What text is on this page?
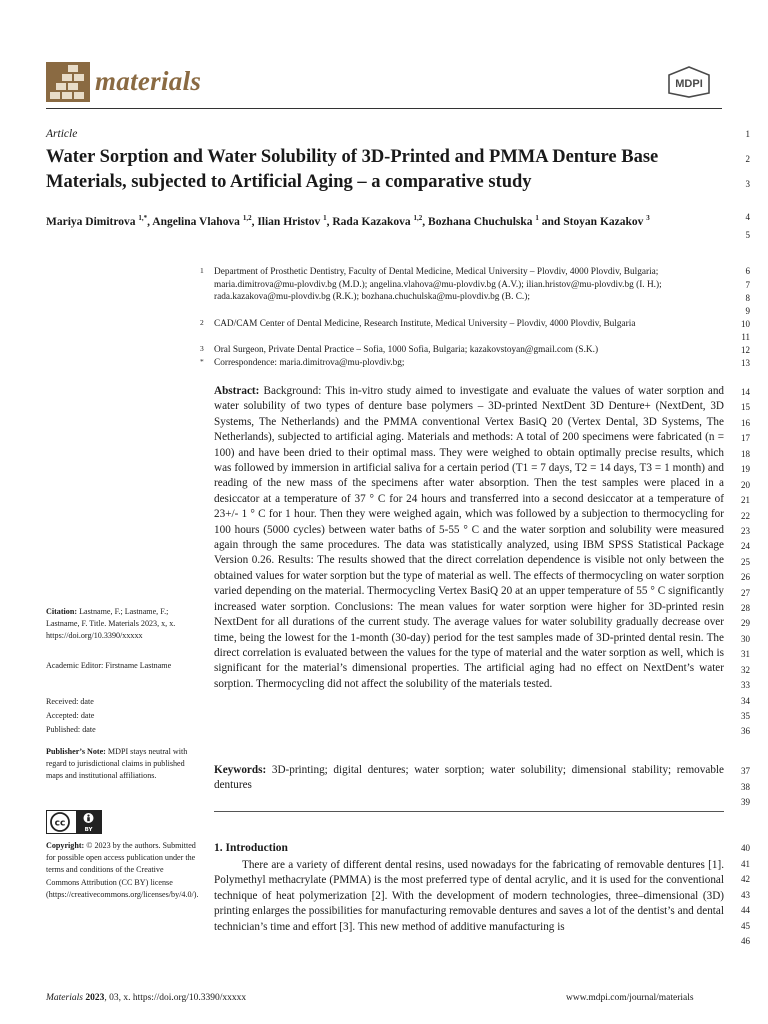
materials	MDPI
Article
Water Sorption and Water Solubility of 3D-Printed and PMMA Denture Base Materials, subjected to Artificial Aging – a comparative study
Mariya Dimitrova $^{1,*}$, Angelina Vlahova $^{1,2}$, Ilian Hristov $^1$, Rada Kazakova $^{1,2}$, Bozhana Chuchulska $^1$ and Stoyan Kazakov $^3$
1 Department of Prosthetic Dentistry, Faculty of Dental Medicine, Medical University – Plovdiv, 4000 Plovdiv, Bulgaria; maria.dimitrova@mu-plovdiv.bg (M.D.); angelina.vlahova@mu-plovdiv.bg (A.V.); ilian.hristov@mu-plovdiv.bg (I. H.); rada.kazakova@mu-plovdiv.bg (R.K.); bozhana.chuchulska@mu-plovdiv.bg (B. C.);
2 CAD/CAM Center of Dental Medicine, Research Institute, Medical University – Plovdiv, 4000 Plovdiv, Bulgaria
3 Oral Surgeon, Private Dental Practice – Sofia, 1000 Sofia, Bulgaria; kazakovstoyan@gmail.com (S.K.)
* Correspondence: maria.dimitrova@mu-plovdiv.bg;
Abstract: Background: This in-vitro study aimed to investigate and evaluate the values of water sorption and water solubility of two types of denture base polymers – 3D-printed NextDent 3D Denture+ (NextDent, 3D Systems, The Netherlands) and the PMMA conventional Vertex BasiQ 20 (Vertex Dental, 3D Systems, The Netherlands), subjected to artificial aging. Materials and methods: A total of 200 specimens were fabricated (n = 100) and have been dried to their optimal mass. They were weighed to obtain optimally precise results, which was followed by immersion in artificial saliva for a certain period (T1 = 7 days, T2 = 14 days, T3 = 1 month) and reading of the new mass of the specimens after water absorption. Then the test samples were placed in a desiccator at a temperature of 37 ° C for 24 hours and transferred into a second desiccator at a temperature of 23+/- 1 ° C for 1 hour. Then they were weighed again, which was followed by a subjection to thermocycling for 100 hours (5000 cycles) between water baths of 5-55 ° C and the water sorption and solubility were measured again through the same procedures. The data was statistically analyzed, using IBM SPSS Statistical Package Version 0.26. Results: The results showed that the direct correlation dependence is visible not only between the obtained values for water sorption but the type of material as well. The effects of thermocycling on water sorption varied depending on the material. Thermocycling Vertex BasiQ 20 at an upper temperature of 55 ° C significantly increased water sorption. Conclusions: The mean values for water sorption were higher for 3D-printed resin NextDent for all durations of the current study. The average values for water solubility gradually decrease over time, being the lowest for the 1-month (30-day) period for the test samples made of 3D-printed dental resin. The direct correlation is evaluated between the values for the type of material and the water sorption as well, which is significant for the material’s dimensional properties. The artificial aging had no effect on NextDent’s water sorption. Thermocycling did not affect the solubility of the materials tested.
Keywords: 3D-printing; digital dentures; water sorption; water solubility; dimensional stability; removable dentures
1. Introduction
There are a variety of different dental resins, used nowadays for the fabricating of removable dentures [1]. Polymethyl methacrylate (PMMA) is the most preferred type of dental acrylic, and it is used for the conventional technique of heat polymerization [2]. With the development of modern technologies, three–dimensional (3D) printing enlarges the possibilities for manufacturing removable dentures and saves a lot of the dentist’s and dental technician’s time and effort [3]. This new method of additive manufacturing is
Citation: Lastname, F.; Lastname, F.; Lastname, F. Title. Materials 2023, x, x. https://doi.org/10.3390/xxxxx
Academic Editor: Firstname Lastname
Received: date
Accepted: date
Published: date
Publisher’s Note: MDPI stays neutral with regard to jurisdictional claims in published maps and institutional affiliations.
cc
BY
Copyright: © 2023 by the authors. Submitted for possible open access publication under the terms and conditions of the Creative Commons Attribution (CC BY) license (https://creativecommons.org/licenses/by/4.0/).
1
2
3
4
5
6
7
8
9
10
11
12
13
14
15
16
17
18
19
20
21
22
23
24
25
26
27
28
29
30
31
32
33
34
35
36
37
38
39
40
41
42
43
44
45
46
Materials 2023, 03, x. https://doi.org/10.3390/xxxxx	www.mdpi.com/journal/materials
